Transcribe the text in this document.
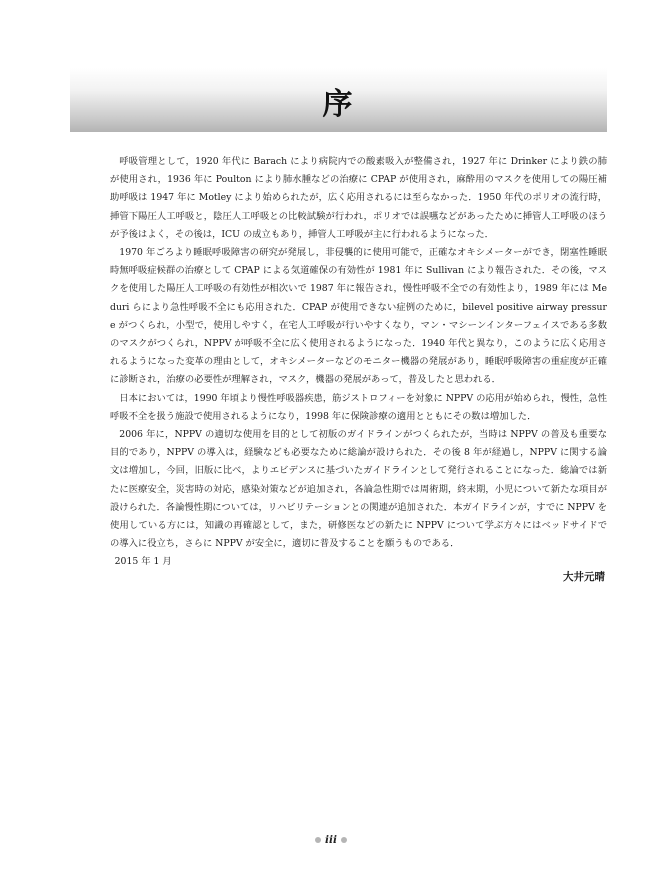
序

呼吸管理として，1920 年代に Barach により病院内での酸素吸入が整備され，1927 年に Drinker により鉄の肺が使用され，1936 年に Poulton により肺水腫などの治療に CPAP が使用され，麻酔用のマスクを使用しての陽圧補助呼吸は 1947 年に Motley により始められたが，広く応用されるには至らなかった．1950 年代のポリオの流行時，挿管下陽圧人工呼吸と，陰圧人工呼吸との比較試験が行われ，ポリオでは誤嚥などがあったために挿管人工呼吸のほうが予後はよく，その後は，ICU の成立もあり，挿管人工呼吸が主に行われるようになった．

1970 年ごろより睡眠呼吸障害の研究が発展し，非侵襲的に使用可能で，正確なオキシメーターができ，閉塞性睡眠時無呼吸症候群の治療として CPAP による気道確保の有効性が 1981 年に Sullivan により報告された．その後，マスクを使用した陽圧人工呼吸の有効性が相次いで 1987 年に報告され，慢性呼吸不全での有効性より，1989 年には Meduri らにより急性呼吸不全にも応用された．CPAP が使用できない症例のために，bilevel positive airway pressure がつくられ，小型で，使用しやすく，在宅人工呼吸が行いやすくなり，マン・マシーンインターフェイスである多数のマスクがつくられ，NPPV が呼吸不全に広く使用されるようになった．1940 年代と異なり，このように広く応用されるようになった変革の理由として，オキシメーターなどのモニター機器の発展があり，睡眠呼吸障害の重症度が正確に診断され，治療の必要性が理解され，マスク，機器の発展があって，普及したと思われる．

日本においては，1990 年頃より慢性呼吸器疾患，筋ジストロフィーを対象に NPPV の応用が始められ，慢性，急性呼吸不全を扱う施設で使用されるようになり，1998 年に保険診療の適用とともにその数は増加した．

2006 年に，NPPV の適切な使用を目的として初版のガイドラインがつくられたが，当時は NPPV の普及も重要な目的であり，NPPV の導入は，経験なども必要なために総論が設けられた．その後 8 年が経過し，NPPV に関する論文は増加し，今回，旧版に比べ，よりエビデンスに基づいたガイドラインとして発行されることになった．総論では新たに医療安全，災害時の対応，感染対策などが追加され，各論急性期では周術期，終末期，小児について新たな項目が設けられた．各論慢性期については，リハビリテーションとの関連が追加された．本ガイドラインが，すでに NPPV を使用している方には，知識の再確認として，また，研修医などの新たに NPPV について学ぶ方々にはベッドサイドでの導入に役立ち，さらに NPPV が安全に，適切に普及することを願うものである．

2015 年 1 月

大井元晴
iii
